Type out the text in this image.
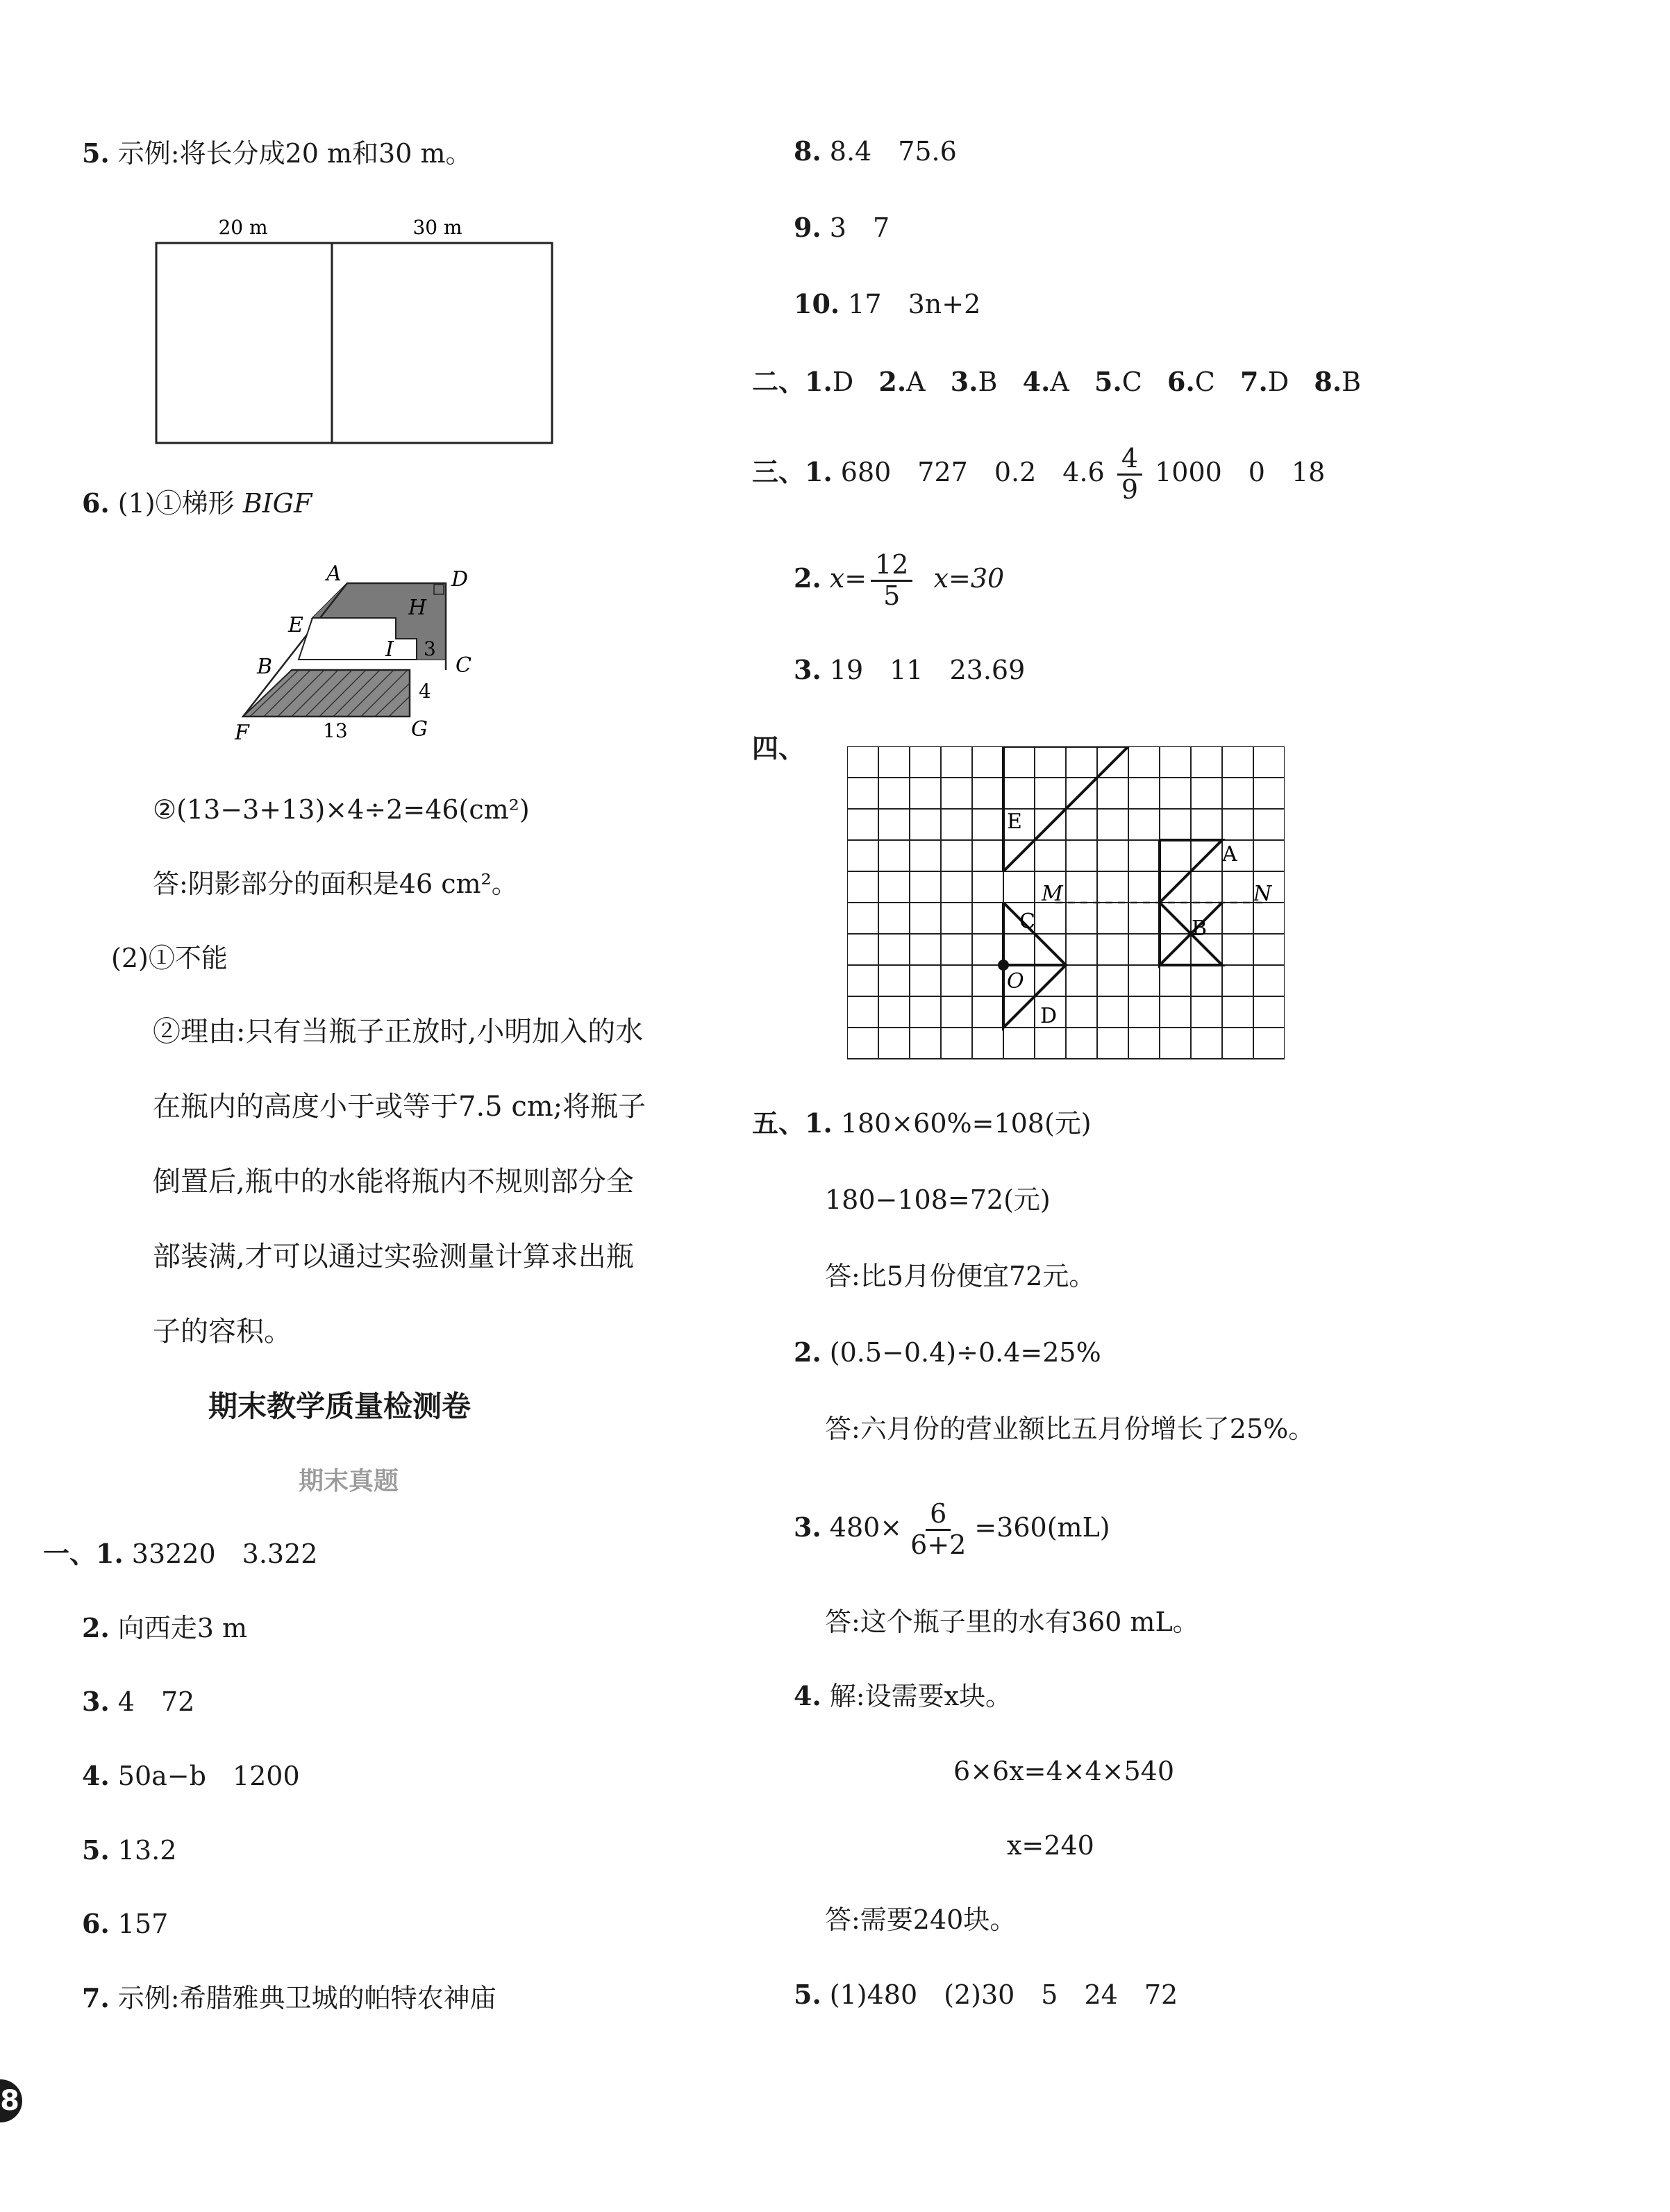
5. 示例:将长分成20 m和30 m。
20 m	30 m
6. (1)①梯形 BIGF
A	D
H
E
I 3
C
B
4
F	13	G
②(13−3+13)×4÷2=46(cm²)
答:阴影部分的面积是46 cm²。
(2)①不能
②理由:只有当瓶子正放时,小明加入的水
在瓶内的高度小于或等于7.5 cm;将瓶子
倒置后,瓶中的水能将瓶内不规则部分全
部装满,才可以通过实验测量计算求出瓶
子的容积。
期末教学质量检测卷
期末真题
一、1. 33220　3.322
2. 向西走3 m
3. 4　72
4. 50a−b　1200
5. 13.2
6. 157
7. 示例:希腊雅典卫城的帕特农神庙
8
8. 8.4　75.6
9. 3　7
10. 17　3n+2
二、1.D 2.A 3.B 4.A 5.C 6.C 7.D 8.B
三、1. 680　727　0.2　$4.6 \frac{4}{9} 1000$　0　18
2. $x= \frac{12}{5} x=30$
3. 19　11　23.69
四、
E
M
A
N
C	B
O
D
五、1. 180×60%=108(元)
180−108=72(元)
答:比5月份便宜72元。
2. (0.5−0.4)÷0.4=25%
答:六月份的营业额比五月份增长了25%。
3. $480\times \frac{6}{6+2} =360(mL)$
答:这个瓶子里的水有360 mL。
4. 解:设需要x块。
6×6x=4×4×540
x=240
答:需要240块。
5. (1)480　(2)30　5　24　72
